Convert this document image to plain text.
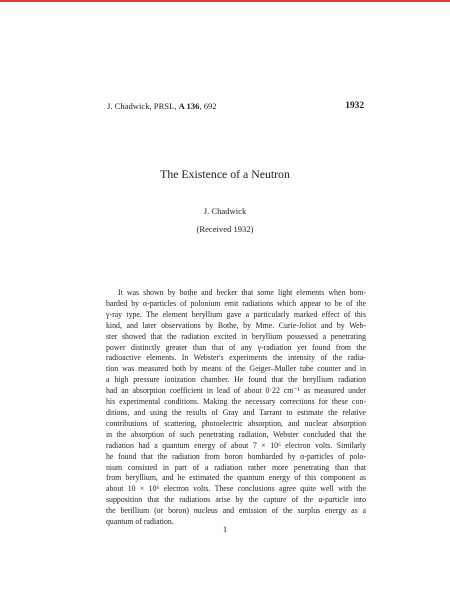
J. Chadwick, PRSL, A 136, 692	1932
The Existence of a Neutron
J. Chadwick
(Received 1932)
It was shown by bothe and becker that some light elements when bom-
barded by α-particles of polonium emit radiations which appear to be of the
γ-ray type. The element beryllium gave a particularly marked effect of this
kind, and later observations by Bothe, by Mme. Curie-Joliot and by Web-
ster showed that the radiation excited in beryllium possessed a penetrating
power distinctly greater than that of any γ-radiation yet found from the
radioactive elements. In Webster's experiments the intensity of the radia-
tion was measured both by means of the Geiger–Muller tube counter and in
a high pressure ionization chamber. He found that the beryllium radiation
had an absorption coefficient in lead of about 0·22 cm⁻¹ as measured under
his experimental conditions. Making the necessary corrections for these con-
ditions, and using the results of Gray and Tarrant to estimate the relative
contributions of scattering, photoelectric absorption, and nuclear absorption
in the absorption of such penetrating radiation, Webster concluded that the
radiation had a quantum energy of about 7 × 10⁶ electron volts. Similarly
he found that the radiation from boron bombarded by α-particles of polo-
nium consisted in part of a radiation rather more penetrating than that
from beryllium, and he estimated the quantum energy of this component as
about 10 × 10⁶ electron volts. These conclusions agree quite well with the
supposition that the radiations arise by the capture of the α-particle into
the berillium (or boron) nucleus and emission of the surplus energy as a
quantum of radiation.
1
